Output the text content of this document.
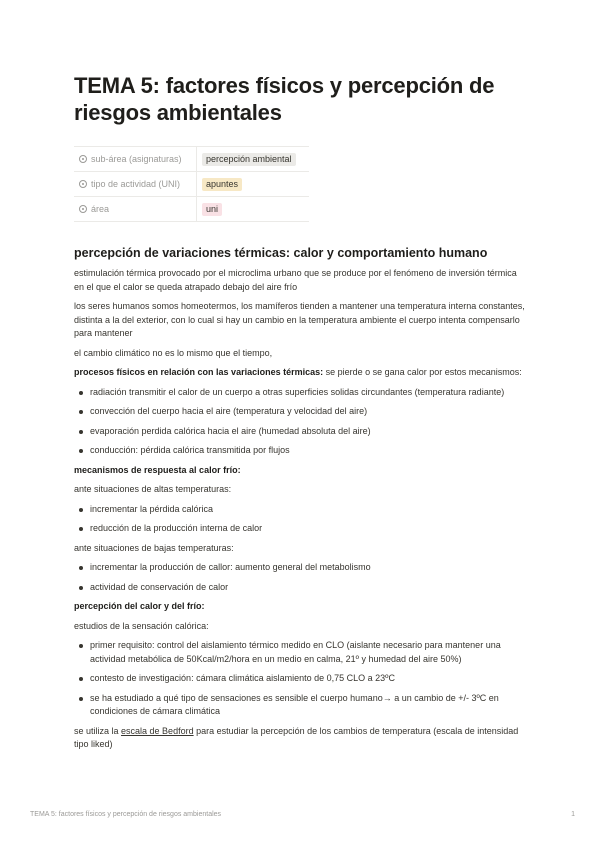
TEMA 5: factores físicos y percepción de riesgos ambientales
sub-área (asignaturas)	percepción ambiental
tipo de actividad (UNI)	apuntes
área	uni
percepción de variaciones térmicas: calor y comportamiento humano

estimulación térmica provocado por el microclima urbano que se produce por el fenómeno de inversión térmica en el que el calor se queda atrapado debajo del aire frío

los seres humanos somos homeotermos, los mamíferos tienden a mantener una temperatura interna constantes, distinta a la del exterior, con lo cual si hay un cambio en la temperatura ambiente el cuerpo intenta compensarlo para mantener

el cambio climático no es lo mismo que el tiempo,

procesos físicos en relación con las variaciones térmicas: se pierde o se gana calor por estos mecanismos:

radiación transmitir el calor de un cuerpo a otras superficies solidas circundantes (temperatura radiante)
convección del cuerpo hacia el aire (temperatura y velocidad del aire)
evaporación perdida calórica hacia el aire (humedad absoluta del aire)
conducción: pérdida calórica transmitida por flujos

mecanismos de respuesta al calor frío:

ante situaciones de altas temperaturas:

incrementar la pérdida calórica
reducción de la producción interna de calor

ante situaciones de bajas temperaturas:

incrementar la producción de callor: aumento general del metabolismo
actividad de conservación de calor

percepción del calor y del frío:

estudios de la sensación calórica:

primer requisito: control del aislamiento térmico medido en CLO (aislante necesario para mantener una actividad metabólica de 50Kcal/m2/hora en un medio en calma, 21º y humedad del aire 50%)
contesto de investigación: cámara climática aislamiento de 0,75 CLO a 23ºC
se ha estudiado a qué tipo de sensaciones es sensible el cuerpo humano→ a un cambio de +/- 3ºC en condiciones de cámara climática

se utiliza la escala de Bedford para estudiar la percepción de los cambios de temperatura (escala de intensidad tipo liked)

TEMA 5: factores físicos y percepción de riesgos ambientales	1
